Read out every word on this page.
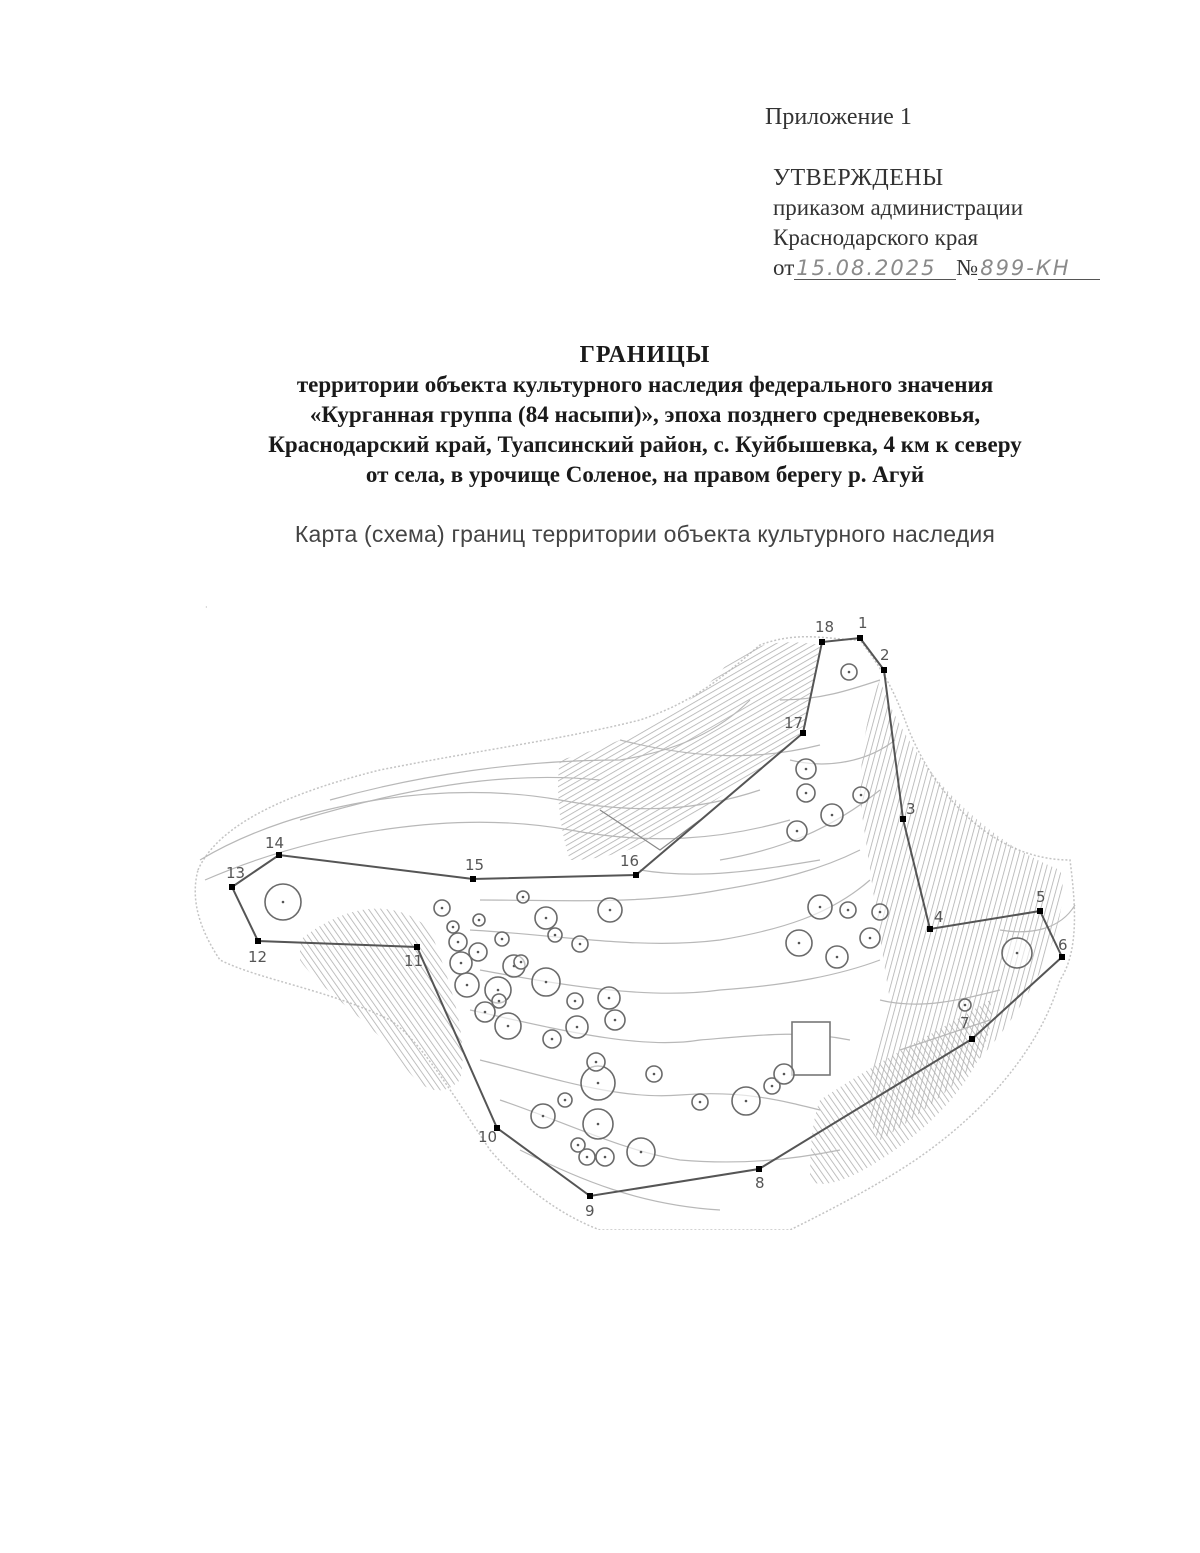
Приложение 1
УТВЕРЖДЕНЫ
приказом администрации
Краснодарского края
от15.08.2025 №899-КН
ГРАНИЦЫ
территории объекта культурного наследия федерального значения
«Курганная группа (84 насыпи)», эпоха позднего средневековья,
Краснодарский край, Туапсинский район, с. Куйбышевка, 4 км к северу
от села, в урочище Соленое, на правом берегу р. Агуй
Карта (схема) границ территории объекта культурного наследия
1
2
3
4
5
6
7
8
9
10
11
12
13
14
15	16
17
18
·
